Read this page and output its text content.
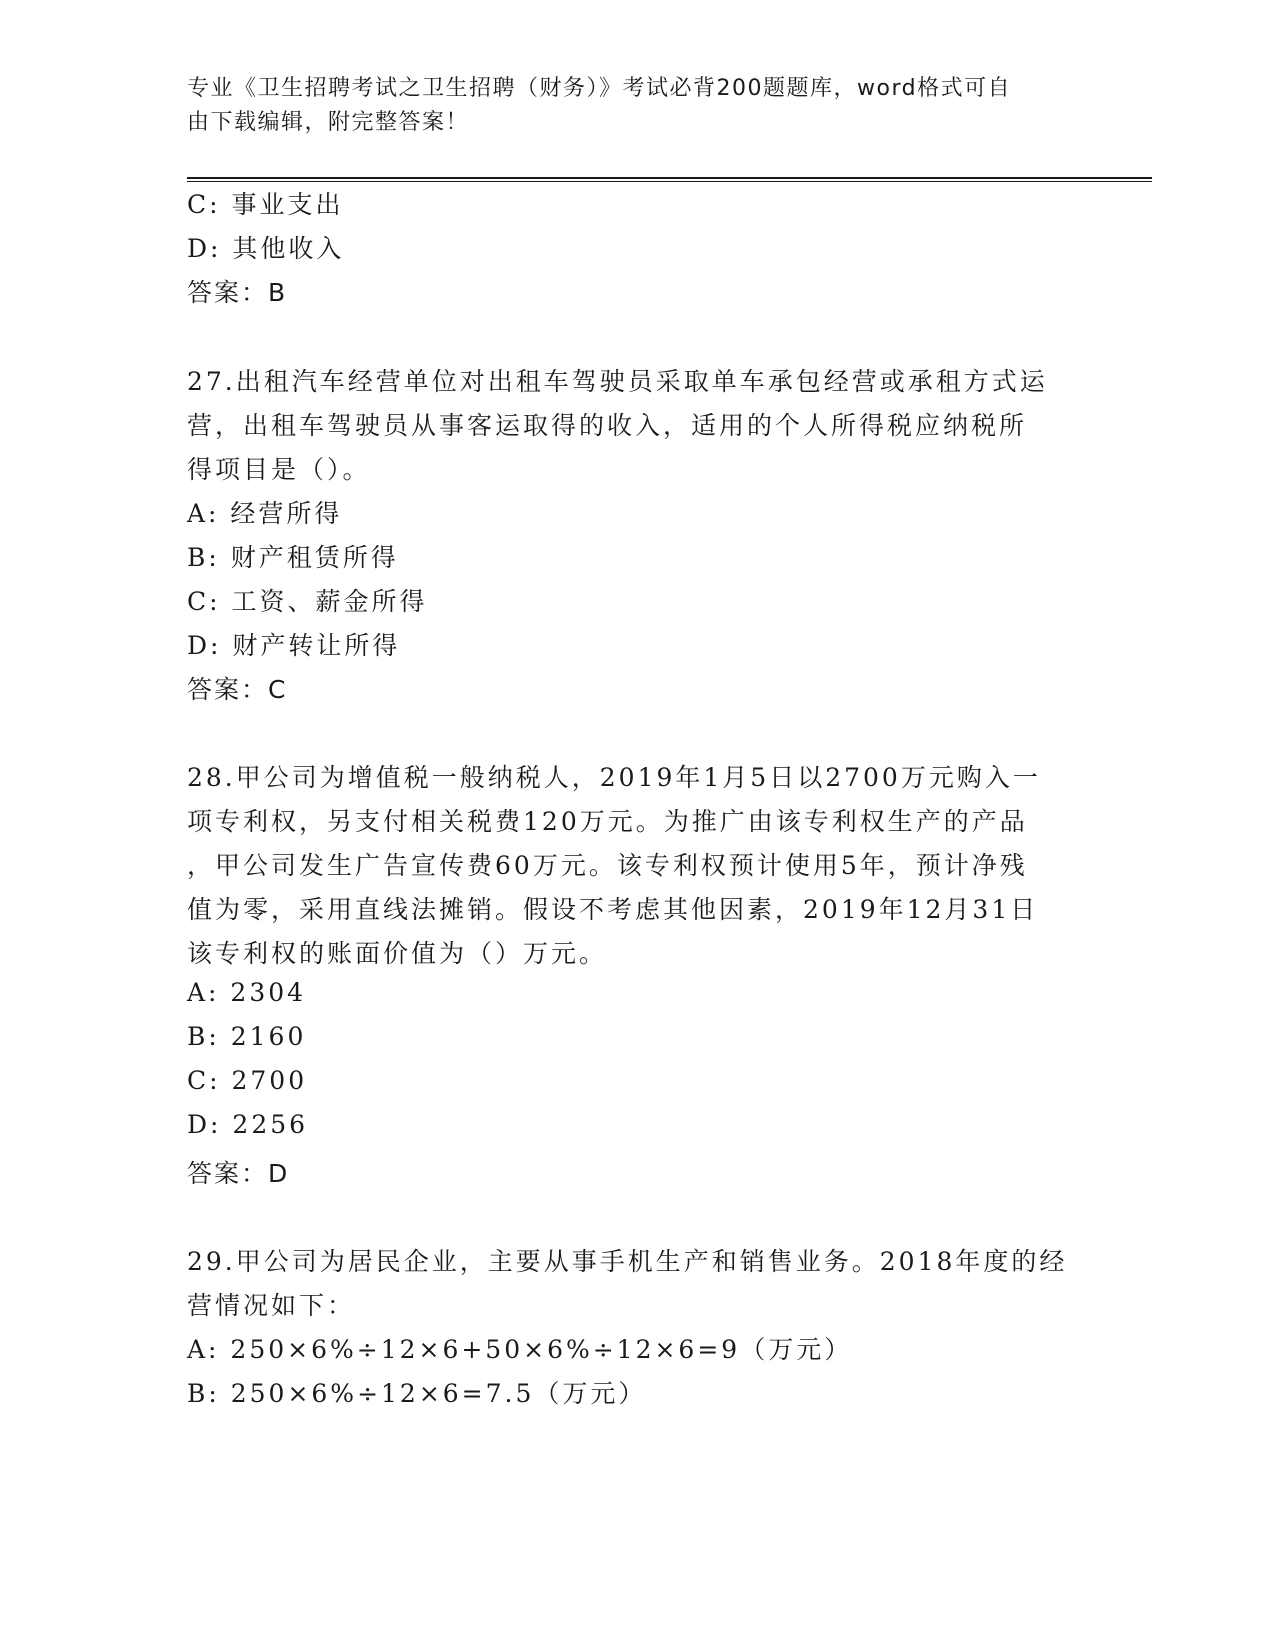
专业《卫生招聘考试之卫生招聘（财务）》考试必背200题题库，word格式可自
由下载编辑，附完整答案！
C: 事业支出
D: 其他收入
答案：B
27.出租汽车经营单位对出租车驾驶员采取单车承包经营或承租方式运
营，出租车驾驶员从事客运取得的收入，适用的个人所得税应纳税所
得项目是（）。
A: 经营所得
B: 财产租赁所得
C: 工资、薪金所得
D: 财产转让所得
答案：C
28.甲公司为增值税一般纳税人，2019年1月5日以2700万元购入一
项专利权，另支付相关税费120万元。为推广由该专利权生产的产品
，甲公司发生广告宣传费60万元。该专利权预计使用5年，预计净残
值为零，采用直线法摊销。假设不考虑其他因素，2019年12月31日
该专利权的账面价值为（）万元。
A: 2304
B: 2160
C: 2700
D: 2256
答案：D
29.甲公司为居民企业，主要从事手机生产和销售业务。2018年度的经
营情况如下：
A: 250×6%÷12×6+50×6%÷12×6=9（万元）
B: 250×6%÷12×6=7.5（万元）
